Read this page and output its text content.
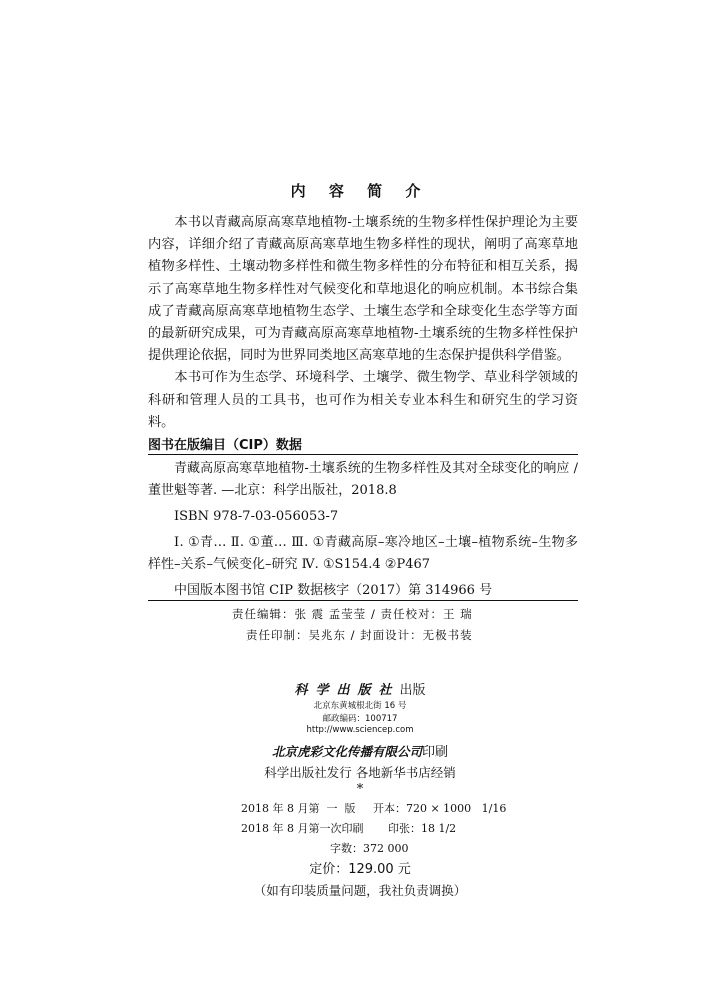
内 容 简 介

本书以青藏高原高寒草地植物-土壤系统的生物多样性保护理论为主要内容，详细介绍了青藏高原高寒草地生物多样性的现状，阐明了高寒草地植物多样性、土壤动物多样性和微生物多样性的分布特征和相互关系，揭示了高寒草地生物多样性对气候变化和草地退化的响应机制。本书综合集成了青藏高原高寒草地植物生态学、土壤生态学和全球变化生态学等方面的最新研究成果，可为青藏高原高寒草地植物-土壤系统的生物多样性保护提供理论依据，同时为世界同类地区高寒草地的生态保护提供科学借鉴。

本书可作为生态学、环境科学、土壤学、微生物学、草业科学领域的科研和管理人员的工具书，也可作为相关专业本科生和研究生的学习资料。

图书在版编目（CIP）数据

青藏高原高寒草地植物-土壤系统的生物多样性及其对全球变化的响应 / 董世魁等著. —北京：科学出版社，2018.8

ISBN 978-7-03-056053-7

Ⅰ. ①青… Ⅱ. ①董… Ⅲ. ①青藏高原–寒冷地区–土壤–植物系统–生物多样性–关系–气候变化–研究 Ⅳ. ①S154.4 ②P467

中国版本图书馆 CIP 数据核字（2017）第 314966 号

责任编辑：张 震 孟莹莹 / 责任校对：王 瑞
责任印制：吴兆东 / 封面设计：无极书装
科学出版社出版
北京东黄城根北街 16 号
邮政编码：100717
http://www.sciencep.com
北京虎彩文化传播有限公司印刷
科学出版社发行 各地新华书店经销
*
2018 年 8 月第  一  版     开本：720 × 1000   1/16
2018 年 8 月第一次印刷       印张：18 1/2
字数：372 000
定价：129.00 元
（如有印装质量问题，我社负责调换）
